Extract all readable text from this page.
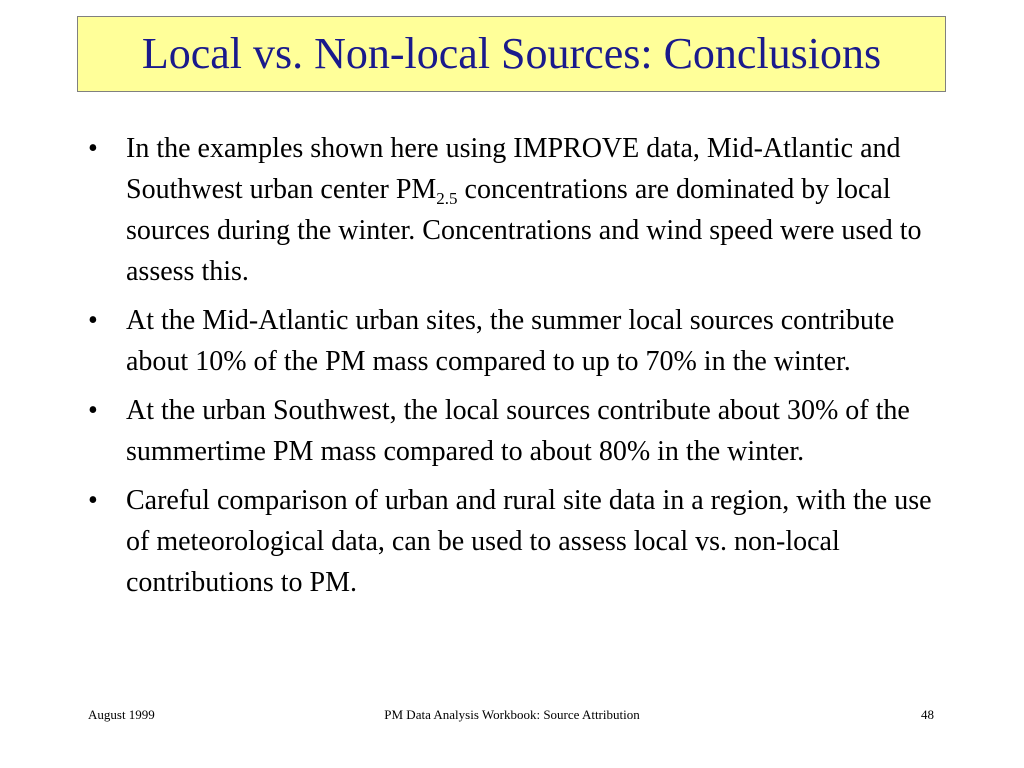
Local vs. Non-local Sources: Conclusions
•	In the examples shown here using IMPROVE data, Mid-Atlantic and Southwest urban center $PM_{2.5}$ concentrations are dominated by local sources during the winter. Concentrations and wind speed were used to assess this.
•	At the Mid-Atlantic urban sites, the summer local sources contribute about 10% of the PM mass compared to up to 70% in the winter.
•	At the urban Southwest, the local sources contribute about 30% of the summertime PM mass compared to about 80% in the winter.
•	Careful comparison of urban and rural site data in a region, with the use of meteorological data, can be used to assess local vs. non-local contributions to PM.
August 1999	PM Data Analysis Workbook: Source Attribution	48
